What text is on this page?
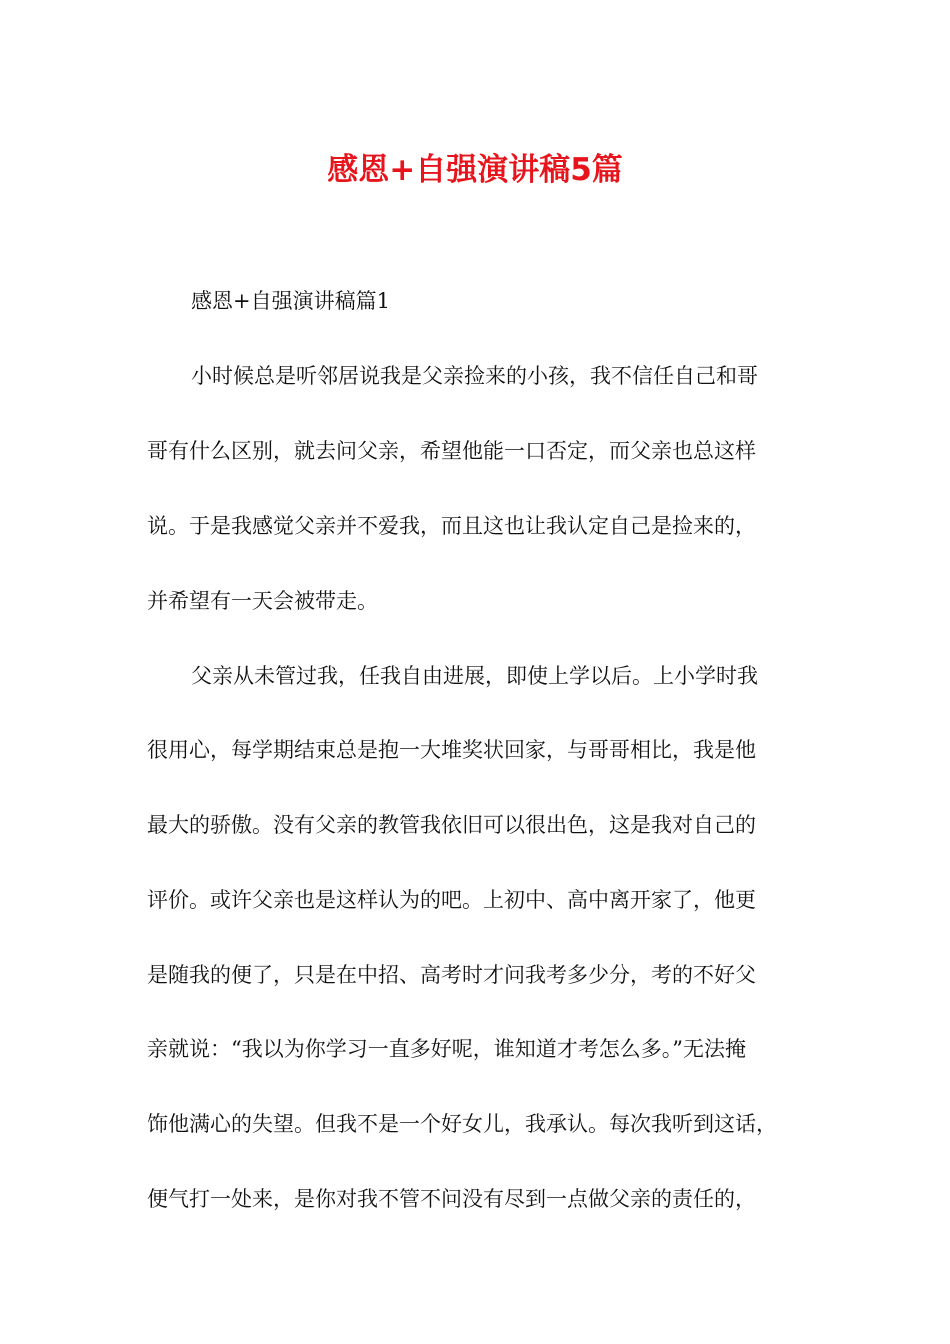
感恩+自强演讲稿5篇

感恩+自强演讲稿篇1

小时候总是听邻居说我是父亲捡来的小孩，我不信任自己和哥

哥有什么区别，就去问父亲，希望他能一口否定，而父亲也总这样

说。于是我感觉父亲并不爱我，而且这也让我认定自己是捡来的，

并希望有一天会被带走。

父亲从未管过我，任我自由进展，即使上学以后。上小学时我

很用心，每学期结束总是抱一大堆奖状回家，与哥哥相比，我是他

最大的骄傲。没有父亲的教管我依旧可以很出色，这是我对自己的

评价。或许父亲也是这样认为的吧。上初中、高中离开家了，他更

是随我的便了，只是在中招、高考时才问我考多少分，考的不好父

亲就说：“我以为你学习一直多好呢，谁知道才考怎么多。”无法掩

饰他满心的失望。但我不是一个好女儿，我承认。每次我听到这话，

便气打一处来，是你对我不管不问没有尽到一点做父亲的责任的，
